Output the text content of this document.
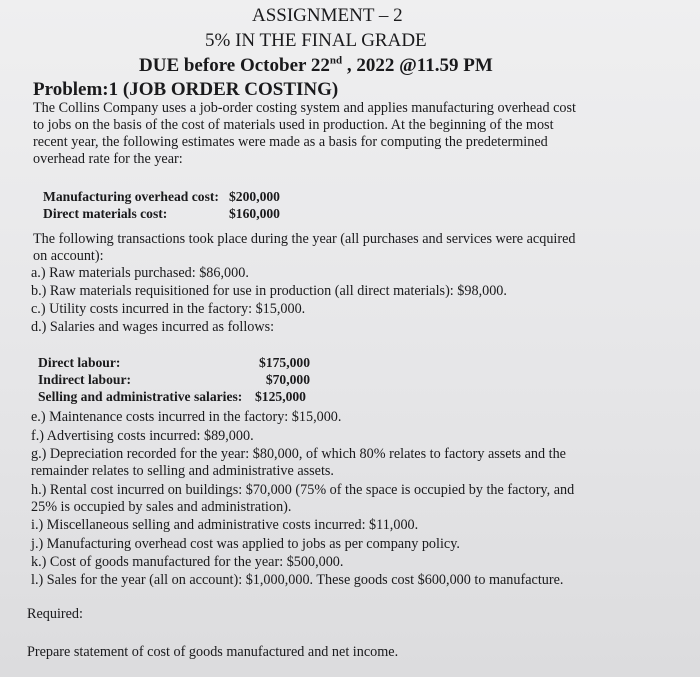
ASSIGNMENT – 2
5% IN THE FINAL GRADE
DUE before October 22nd , 2022 @11.59 PM
Problem:1 (JOB ORDER COSTING)
The Collins Company uses a job-order costing system and applies manufacturing overhead cost
to jobs on the basis of the cost of materials used in production. At the beginning of the most
recent year, the following estimates were made as a basis for computing the predetermined
overhead rate for the year:
Manufacturing overhead cost: $200,000
Direct materials cost:	$160,000
The following transactions took place during the year (all purchases and services were acquired
on account):
a.) Raw materials purchased: $86,000.
b.) Raw materials requisitioned for use in production (all direct materials): $98,000.
c.) Utility costs incurred in the factory: $15,000.
d.) Salaries and wages incurred as follows:
Direct labour:	$175,000
Indirect labour:	$70,000
Selling and administrative salaries: $125,000
e.) Maintenance costs incurred in the factory: $15,000.
f.) Advertising costs incurred: $89,000.
g.) Depreciation recorded for the year: $80,000, of which 80% relates to factory assets and the
remainder relates to selling and administrative assets.
h.) Rental cost incurred on buildings: $70,000 (75% of the space is occupied by the factory, and
25% is occupied by sales and administration).
i.) Miscellaneous selling and administrative costs incurred: $11,000.
j.) Manufacturing overhead cost was applied to jobs as per company policy.
k.) Cost of goods manufactured for the year: $500,000.
l.) Sales for the year (all on account): $1,000,000. These goods cost $600,000 to manufacture.
Required:
Prepare statement of cost of goods manufactured and net income.
